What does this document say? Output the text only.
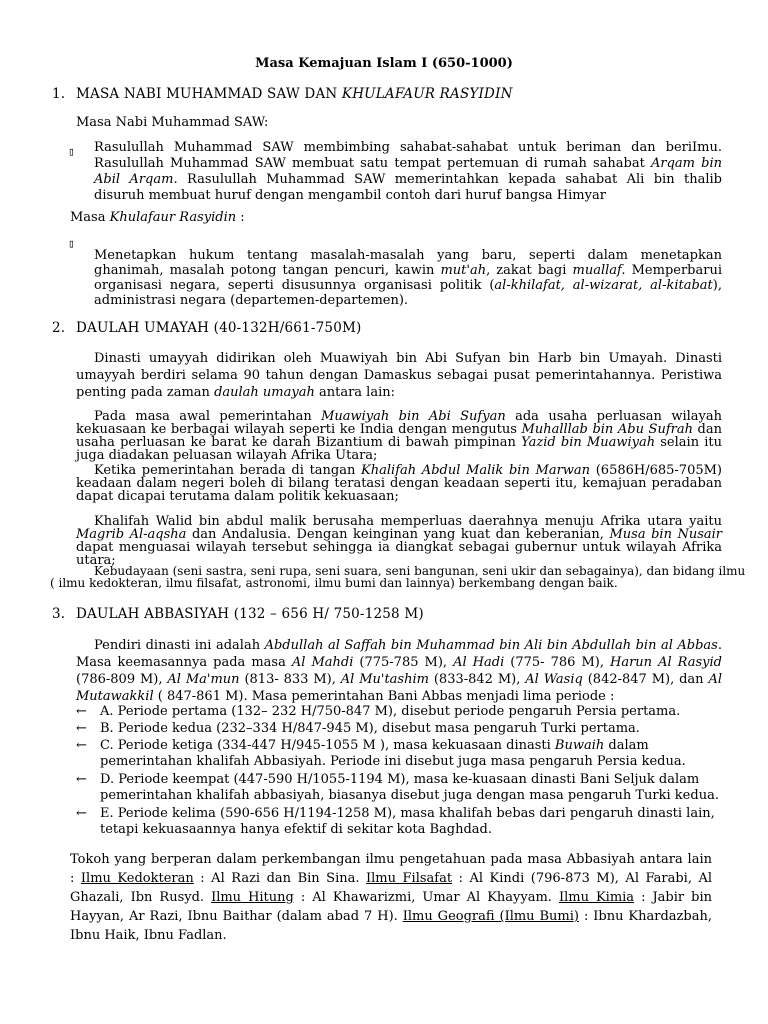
Masa Kemajuan Islam I (650-1000)
1. MASA NABI MUHAMMAD SAW DAN KHULAFAUR RASYIDIN
Masa Nabi Muhammad SAW:
▯ Rasulullah Muhammad SAW membimbing sahabat-sahabat untuk beriman dan beriImu. Rasulullah Muhammad SAW membuat satu tempat pertemuan di rumah sahabat Arqam bin Abil Arqam. Rasulullah Muhammad SAW memerintahkan kepada sahabat Ali bin thalib disuruh membuat huruf dengan mengambil contoh dari huruf bangsa Himyar
Masa Khulafaur Rasyidin :
▯
Menetapkan hukum tentang masalah-masalah yang baru, seperti dalam menetapkan ghanimah, masalah potong tangan pencuri, kawin mut'ah, zakat bagi muallaf. Memperbarui organisasi negara, seperti disusunnya organisasi politik (al-khilafat, al-wizarat, al-kitabat), administrasi negara (departemen-departemen).
2. DAULAH UMAYAH (40-132H/661-750M)
Dinasti umayyah didirikan oleh Muawiyah bin Abi Sufyan bin Harb bin Umayah. Dinasti umayyah berdiri selama 90 tahun dengan Damaskus sebagai pusat pemerintahannya. Peristiwa penting pada zaman daulah umayah antara lain:
Pada masa awal pemerintahan Muawiyah bin Abi Sufyan ada usaha perluasan wilayah kekuasaan ke berbagai wilayah seperti ke India dengan mengutus Muhalllab bin Abu Sufrah dan usaha perluasan ke barat ke darah Bizantium di bawah pimpinan Yazid bin Muawiyah selain itu juga diadakan peluasan wilayah Afrika Utara;
Ketika pemerintahan berada di tangan Khalifah Abdul Malik bin Marwan (6586H/685-705M) keadaan dalam negeri boleh di bilang teratasi dengan keadaan seperti itu, kemajuan peradaban dapat dicapai terutama dalam politik kekuasaan;
Khalifah Walid bin abdul malik berusaha memperluas daerahnya menuju Afrika utara yaitu Magrib Al-aqsha dan Andalusia. Dengan keinginan yang kuat dan keberanian, Musa bin Nusair dapat menguasai wilayah tersebut sehingga ia diangkat sebagai gubernur untuk wilayah Afrika utara;
Kebudayaan (seni sastra, seni rupa, seni suara, seni bangunan, seni ukir dan sebagainya), dan bidang ilmu
( ilmu kedokteran, ilmu filsafat, astronomi, ilmu bumi dan lainnya) berkembang dengan baik.
3. DAULAH ABBASIYAH (132 – 656 H/ 750-1258 M)
Pendiri dinasti ini adalah Abdullah al Saffah bin Muhammad bin Ali bin Abdullah bin al Abbas. Masa keemasannya pada masa Al Mahdi (775-785 M), Al Hadi (775- 786 M), Harun Al Rasyid (786-809 M), Al Ma'mun (813- 833 M), Al Mu'tashim (833-842 M), Al Wasiq (842-847 M), dan Al Mutawakkil ( 847-861 M). Masa pemerintahan Bani Abbas menjadi lima periode :
← A. Periode pertama (132– 232 H/750-847 M), disebut periode pengaruh Persia pertama.
← B. Periode kedua (232–334 H/847-945 M), disebut masa pengaruh Turki pertama.
← C. Periode ketiga (334-447 H/945-1055 M ), masa kekuasaan dinasti Buwaih dalam pemerintahan khalifah Abbasiyah. Periode ini disebut juga masa pengaruh Persia kedua.
← D. Periode keempat (447-590 H/1055-1194 M), masa ke-kuasaan dinasti Bani Seljuk dalam pemerintahan khalifah abbasiyah, biasanya disebut juga dengan masa pengaruh Turki kedua.
← E. Periode kelima (590-656 H/1194-1258 M), masa khalifah bebas dari pengaruh dinasti lain, tetapi kekuasaannya hanya efektif di sekitar kota Baghdad.
Tokoh yang berperan dalam perkembangan ilmu pengetahuan pada masa Abbasiyah antara lain : Ilmu Kedokteran : Al Razi dan Bin Sina. Ilmu Filsafat : Al Kindi (796-873 M), Al Farabi, Al Ghazali, Ibn Rusyd. Ilmu Hitung : Al Khawarizmi, Umar Al Khayyam. Ilmu Kimia : Jabir bin Hayyan, Ar Razi, Ibnu Baithar (dalam abad 7 H). Ilmu Geografi (Ilmu Bumi) : Ibnu Khardazbah, Ibnu Haik, Ibnu Fadlan.
